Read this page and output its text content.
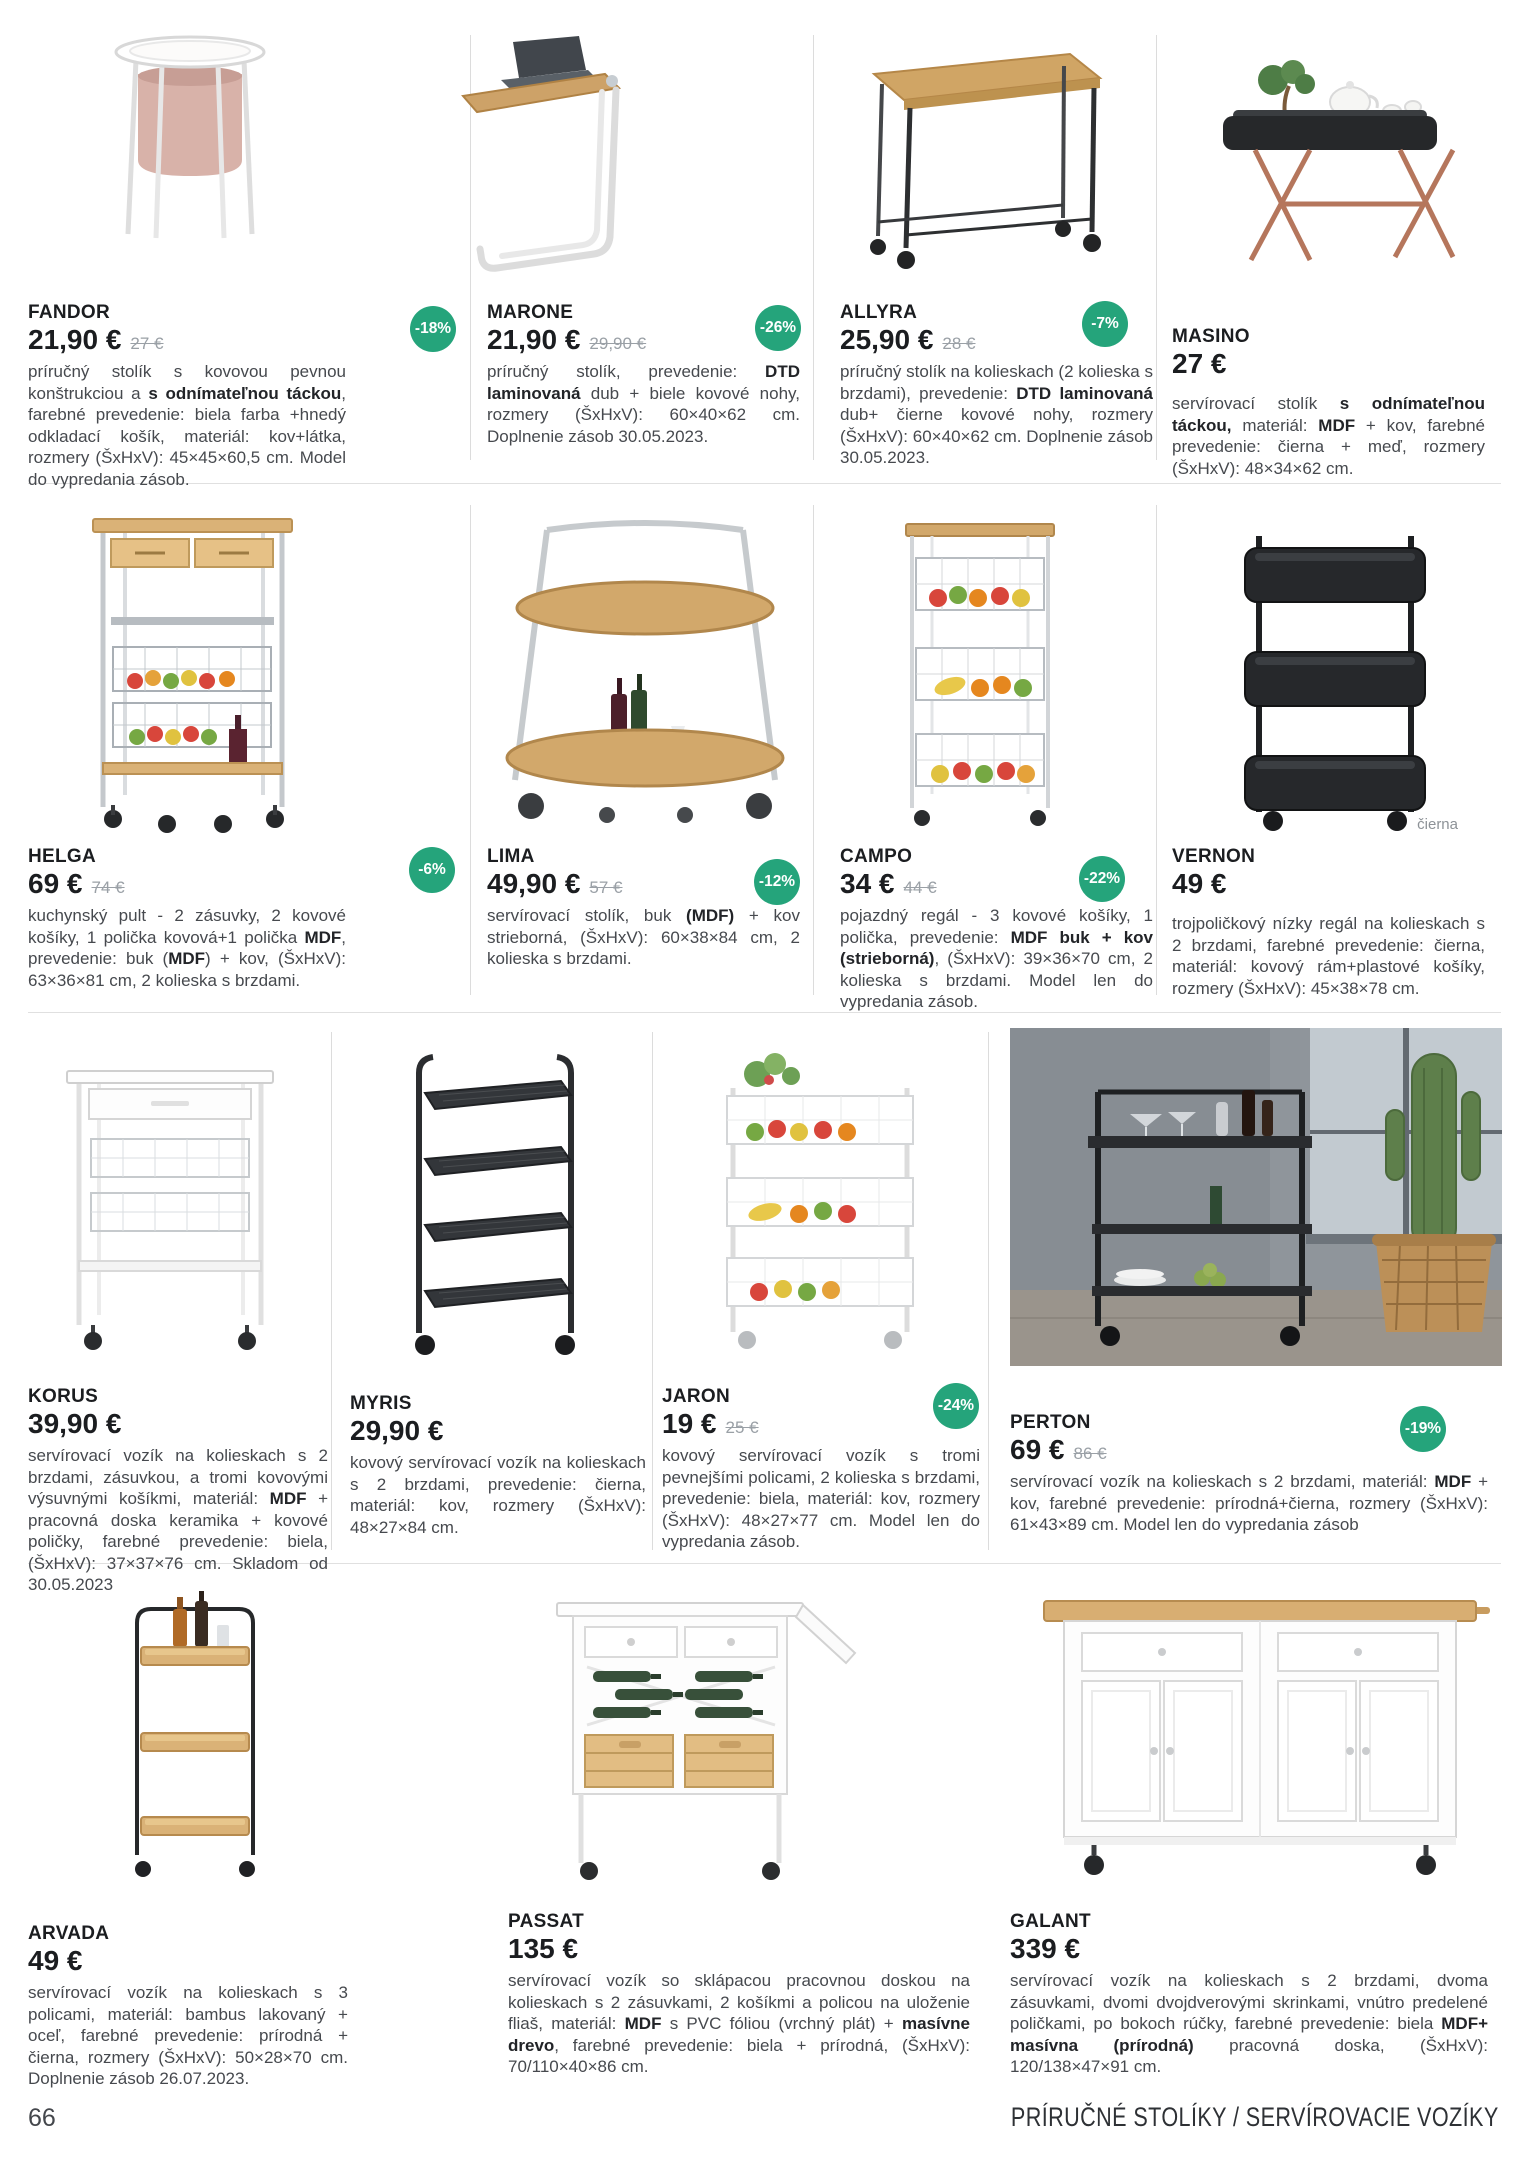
čierna
FANDOR
21,90 € 27 €

príručný stolík s kovovou pevnou konštrukciou a s odnímateľnou táckou, farebné prevedenie: biela farba +hnedý odkladací košík, materiál: kov+látka, rozmery (ŠxHxV): 45×45×60,5 cm. Model do vypredania zásob.

-18%
MARONE
21,90 € 29,90 €

príručný stolík, prevedenie: DTD laminovaná dub + biele kovové nohy, rozmery (ŠxHxV): 60×40×62 cm. Doplnenie zásob 30.05.2023.

-26%
ALLYRA
25,90 € 28 €

príručný stolík na kolieskach (2 kolieska s brzdami), prevedenie: DTD laminovaná dub+ čierne kovové nohy, rozmery (ŠxHxV): 60×40×62 cm. Doplnenie zásob 30.05.2023.

-7%
MASINO
27 €

servírovací stolík s odnímateľnou táckou, materiál: MDF + kov, farebné prevedenie: čierna + meď, rozmery (ŠxHxV): 48×34×62 cm.

HELGA
69 € 74 €

kuchynský pult - 2 zásuvky, 2 kovové košíky, 1 polička kovová+1 polička MDF, prevedenie: buk (MDF) + kov, (ŠxHxV): 63×36×81 cm, 2 kolieska s brzdami.

-6%
LIMA
49,90 € 57 €

servírovací stolík, buk (MDF) + kov strieborná, (ŠxHxV): 60×38×84 cm, 2 kolieska s brzdami.

-12%
CAMPO
34 € 44 €

pojazdný regál - 3 kovové košíky, 1 polička, prevedenie: MDF buk + kov (strieborná), (ŠxHxV): 39×36×70 cm, 2 kolieska s brzdami. Model len do vypredania zásob.

-22%
VERNON
49 €

trojpoličkový nízky regál na kolieskach s 2 brzdami, farebné prevedenie: čierna, materiál: kovový rám+plastové košíky, rozmery (ŠxHxV): 45×38×78 cm.

KORUS
39,90 €

servírovací vozík na kolieskach s 2 brzdami, zásuvkou, a tromi kovovými výsuvnými košíkmi, materiál: MDF + pracovná doska keramika + kovové poličky, farebné prevedenie: biela, (ŠxHxV): 37×37×76 cm. Skladom od 30.05.2023

MYRIS
29,90 €

kovový servírovací vozík na kolieskach s 2 brzdami, prevedenie: čierna, materiál: kov, rozmery (ŠxHxV): 48×27×84 cm.

JARON
19 € 25 €

kovový servírovací vozík s tromi pevnejšími policami, 2 kolieska s brzdami, prevedenie: biela, materiál: kov, rozmery (ŠxHxV): 48×27×77 cm. Model len do vypredania zásob.

-24%
PERTON
69 € 86 €

servírovací vozík na kolieskach s 2 brzdami, materiál: MDF + kov, farebné prevedenie: prírodná+čierna, rozmery (ŠxHxV): 61×43×89 cm. Model len do vypredania zásob

-19%
ARVADA
49 €

servírovací vozík na kolieskach s 3 policami, materiál: bambus lakovaný + oceľ, farebné prevedenie: prírodná + čierna, rozmery (ŠxHxV): 50×28×70 cm. Doplnenie zásob 26.07.2023.

PASSAT
135 €

servírovací vozík so sklápacou pracovnou doskou na kolieskach s 2 zásuvkami, 2 košíkmi a policou na uloženie fliaš, materiál: MDF s PVC fóliou (vrchný plát) + masívne drevo, farebné prevedenie: biela + prírodná, (ŠxHxV): 70/110×40×86 cm.

GALANT
339 €

servírovací vozík na kolieskach s 2 brzdami, dvoma zásuvkami, dvomi dvojdverovými skrinkami, vnútro predelené poličkami, po bokoch rúčky, farebné prevedenie: biela MDF+ masívna (prírodná) pracovná doska, (ŠxHxV): 120/138×47×91 cm.

66	PRÍRUČNÉ STOLÍKY / SERVÍROVACIE VOZÍKY
